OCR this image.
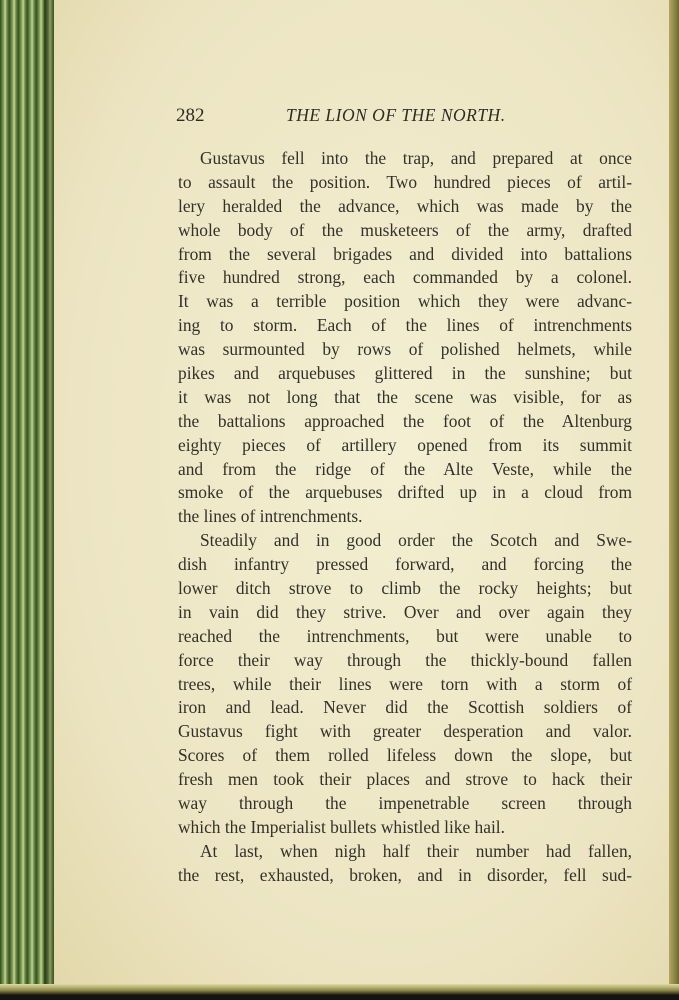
282	THE LION OF THE NORTH.
Gustavus fell into the trap, and prepared at once
to assault the position. Two hundred pieces of artil-
lery heralded the advance, which was made by the
whole body of the musketeers of the army, drafted
from the several brigades and divided into battalions
five hundred strong, each commanded by a colonel.
It was a terrible position which they were advanc-
ing to storm. Each of the lines of intrenchments
was surmounted by rows of polished helmets, while
pikes and arquebuses glittered in the sunshine; but
it was not long that the scene was visible, for as
the battalions approached the foot of the Altenburg
eighty pieces of artillery opened from its summit
and from the ridge of the Alte Veste, while the
smoke of the arquebuses drifted up in a cloud from
the lines of intrenchments.
Steadily and in good order the Scotch and Swe-
dish infantry pressed forward, and forcing the
lower ditch strove to climb the rocky heights; but
in vain did they strive. Over and over again they
reached the intrenchments, but were unable to
force their way through the thickly-bound fallen
trees, while their lines were torn with a storm of
iron and lead. Never did the Scottish soldiers of
Gustavus fight with greater desperation and valor.
Scores of them rolled lifeless down the slope, but
fresh men took their places and strove to hack their
way through the impenetrable screen through
which the Imperialist bullets whistled like hail.
At last, when nigh half their number had fallen,
the rest, exhausted, broken, and in disorder, fell sud-
